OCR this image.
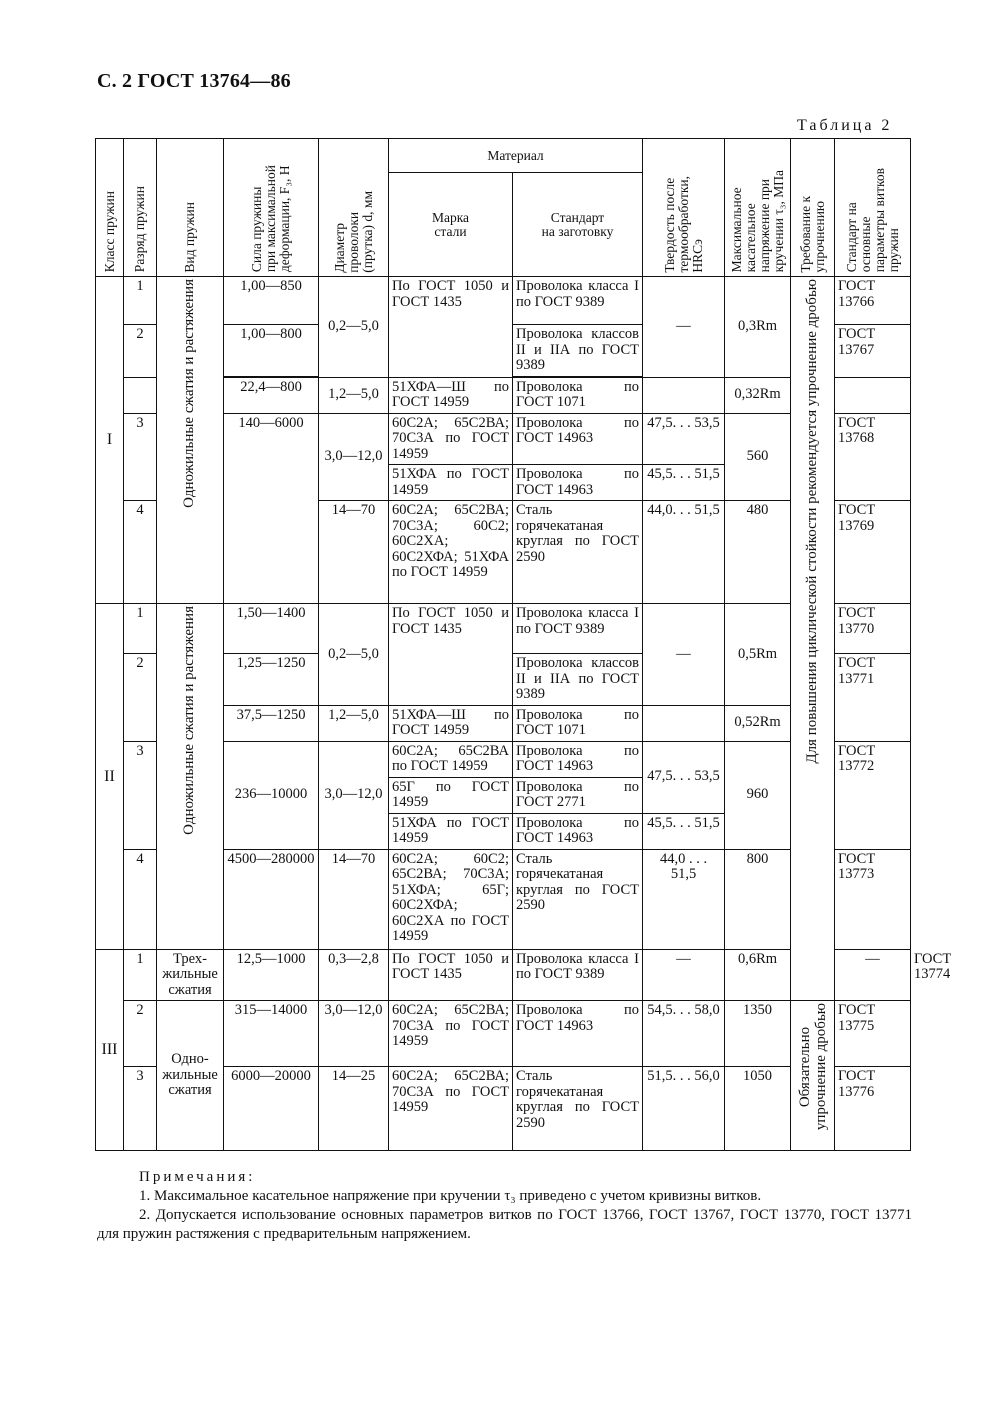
С. 2 ГОСТ 13764—86
Таблица 2
Класс пружин	Разряд пружин	Вид пружин	Сила пружины
при максимальной
деформации, F₃, Н	Диаметр
проволоки
(прутка) d, мм	Материал		Твердость после
термообработки,
HRCэ	Максимальное
касательное
напряжение при
кручении τ₃, МПа	Требование к
упрочнению	Стандарт на
основные
параметры витков
пружин	

					Марка
стали	Стандарт
на заготовку					
I	1	Одножильные сжатия и растяжения	1,00—850	0,2—5,0	По ГОСТ 1050 и ГОСТ 1435	Проволока класса I по ГОСТ 9389	—	0,3Rm	Для повышения циклической стойкости рекомендуется упрочнение дробью	ГОСТ 13766	

	2		1,00—800			Проволока классов II и IIА по ГОСТ 9389				ГОСТ 13767	

			22,4—800	1,2—5,0	51ХФА—Ш по ГОСТ 14959	Проволока по ГОСТ 1071		0,32Rm			
	3		140—6000	3,0—12,0	60С2А; 65С2ВА; 70С3А по ГОСТ 14959	Проволока по ГОСТ 14963	47,5. . . 53,5	560		ГОСТ 13768	
					51ХФА по ГОСТ 14959	Проволока по ГОСТ 14963	45,5. . . 51,5				
	4			14—70	60С2А; 65С2ВА; 70С3А; 60С2; 60С2ХА; 60С2ХФА; 51ХФА по ГОСТ 14959	Сталь горячекатаная круглая по ГОСТ 2590	44,0. . . 51,5	480		ГОСТ 13769	

II	1	Одножильные сжатия и растяжения	1,50—1400	0,2—5,0	По ГОСТ 1050 и ГОСТ 1435	Проволока класса I по ГОСТ 9389	—	0,5Rm		ГОСТ 13770	
	2		1,25—1250			Проволока классов II и IIА по ГОСТ 9389				ГОСТ 13771	
			37,5—1250	1,2—5,0	51ХФА—Ш по ГОСТ 14959	Проволока по ГОСТ 1071		0,52Rm			
	3		236—10000	3,0—12,0	60С2А; 65С2ВА по ГОСТ 14959	Проволока по ГОСТ 14963	47,5. . . 53,5	960		ГОСТ 13772	
					65Г по ГОСТ 14959	Проволока по ГОСТ 2771					
					51ХФА по ГОСТ 14959	Проволока по ГОСТ 14963	45,5. . . 51,5				
	4		4500—280000	14—70	60С2А; 60С2; 65С2ВА; 70С3А; 51ХФА; 65Г; 60С2ХФА; 60С2ХА по ГОСТ 14959	Сталь горячекатаная круглая по ГОСТ 2590	44,0 . . . 51,5	800		ГОСТ 13773	

III	1	Трех-
жильные
сжатия	12,5—1000	0,3—2,8	По ГОСТ 1050 и ГОСТ 1435	Проволока класса I по ГОСТ 9389	—	0,6Rm		—	ГОСТ 13774
	2	Одно-
жильные
сжатия	315—14000	3,0—12,0	60С2А; 65С2ВА; 70С3А по ГОСТ 14959	Проволока по ГОСТ 14963	54,5. . . 58,0	1350	Обязательно
упрочнение дробью	ГОСТ 13775	
	3		6000—20000	14—25	60С2А; 65С2ВА; 70С3А по ГОСТ 14959	Сталь горячекатаная круглая по ГОСТ 2590	51,5. . . 56,0	1050		ГОСТ 13776	
Примечания:
1. Максимальное касательное напряжение при кручении τ₃ приведено с учетом кривизны витков.
2. Допускается использование основных параметров витков по ГОСТ 13766, ГОСТ 13767, ГОСТ 13770, ГОСТ 13771 для пружин растяжения с предварительным напряжением.
